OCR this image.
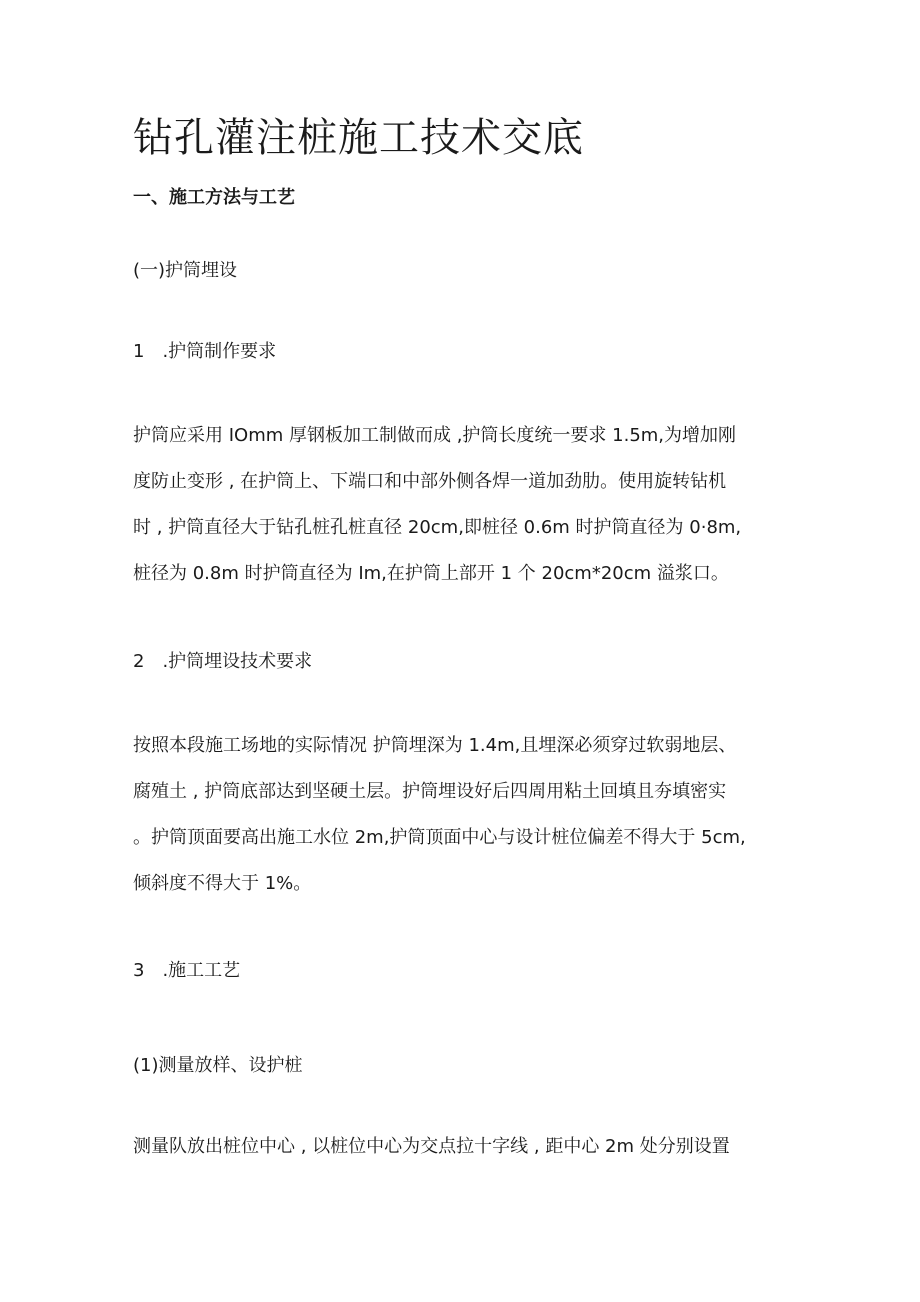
钻孔灌注桩施工技术交底
一、施工方法与工艺
(一)护筒埋设
1　.护筒制作要求
护筒应采用 IOmm 厚钢板加工制做而成 ,护筒长度统一要求 1.5m,为增加刚
度防止变形 , 在护筒上、下端口和中部外侧各焊一道加劲肋。使用旋转钻机
时 , 护筒直径大于钻孔桩孔桩直径 20cm,即桩径 0.6m 时护筒直径为 0·8m,
桩径为 0.8m 时护筒直径为 Im,在护筒上部开 1 个 20cm*20cm 溢浆口。
2　.护筒埋设技术要求
按照本段施工场地的实际情况 护筒埋深为 1.4m,且埋深必须穿过软弱地层、
腐殖土 , 护筒底部达到坚硬土层。护筒埋设好后四周用粘土回填且夯填密实
。护筒顶面要高出施工水位 2m,护筒顶面中心与设计桩位偏差不得大于 5cm,
倾斜度不得大于 1%。
3　.施工工艺
(1)测量放样、设护桩
测量队放出桩位中心 , 以桩位中心为交点拉十字线 , 距中心 2m 处分别设置
